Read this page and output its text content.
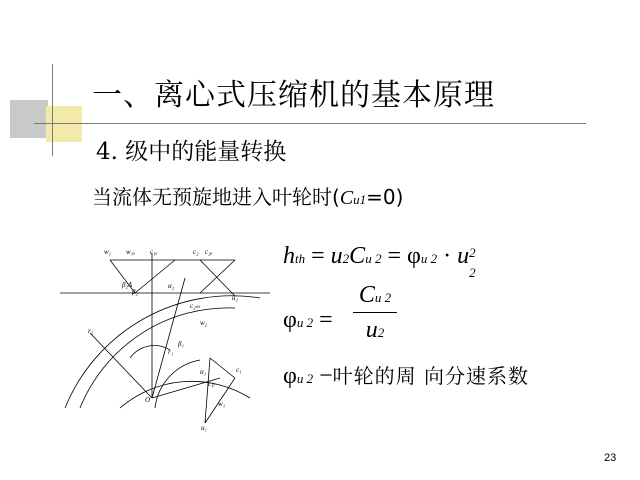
一、离心式压缩机的基本原理
4. 级中的能量转换
当流体无预旋地进入叶轮时(Cu1=0)
w₁ w₁ᵤ c₁ᵤ	c₂ c₂ᵤ
β₂A
β₂
α₂
u₂
r₂
c₂ₘ
w₂
r₁
β₁
α₁	c₁
c₁ᵣ
w₁
u₁
O
hth = u2Cu 2 = φu 2 · u 2
2
φu 2 =
Cu 2
u2
φu 2 −叶轮的周 向分速系数
23
